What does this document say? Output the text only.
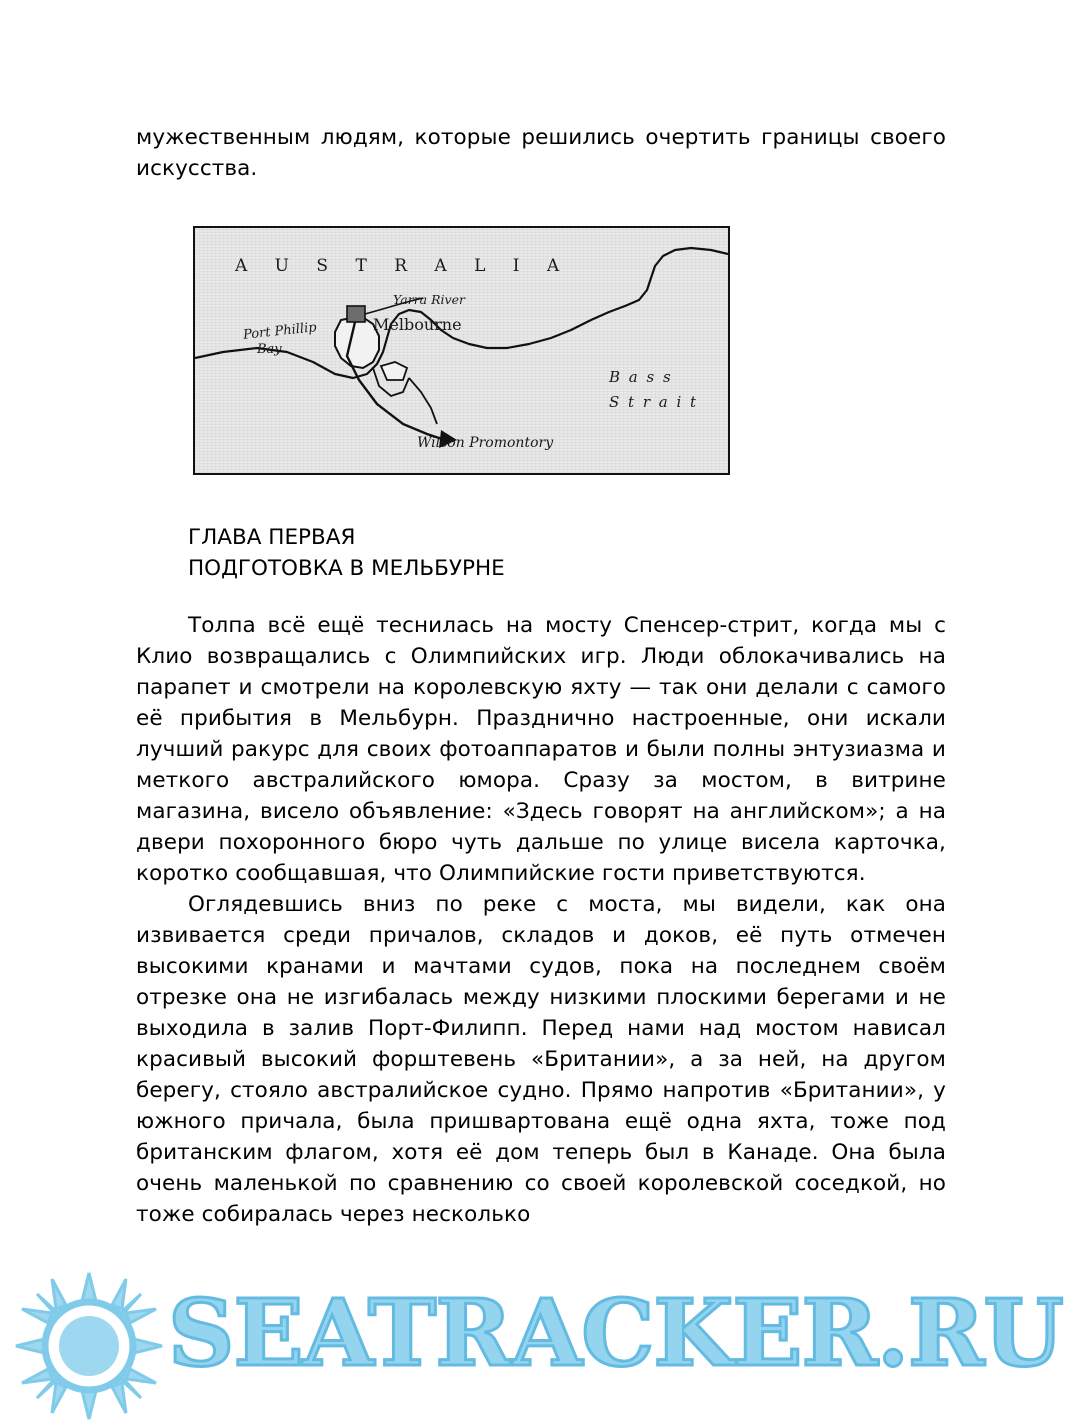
мужественным людям, которые решились очертить границы своего искусства.

A U S T R A L I A
Yarra River
Melbourne
Port Phillip
Bay
B a s s
S t r a i t
Wilson Promontory
ГЛАВА ПЕРВАЯ
ПОДГОТОВКА В МЕЛЬБУРНЕ

Толпа всё ещё теснилась на мосту Спенсер-стрит, когда мы с Клио возвращались с Олимпийских игр. Люди облокачивались на парапет и смотрели на королевскую яхту — так они делали с самого её прибытия в Мельбурн. Празднично настроенные, они искали лучший ракурс для своих фотоаппаратов и были полны энтузиазма и меткого австралийского юмора. Сразу за мостом, в витрине магазина, висело объявление: «Здесь говорят на английском»; а на двери похоронного бюро чуть дальше по улице висела карточка, коротко сообщавшая, что Олимпийские гости приветствуются.

Оглядевшись вниз по реке с моста, мы видели, как она извивается среди причалов, складов и доков, её путь отмечен высокими кранами и мачтами судов, пока на последнем своём отрезке она не изгибалась между низкими плоскими берегами и не выходила в залив Порт-Филипп. Перед нами над мостом нависал красивый высокий форштевень «Британии», а за ней, на другом берегу, стояло австралийское судно. Прямо напротив «Британии», у южного причала, была пришвартована ещё одна яхта, тоже под британским флагом, хотя её дом теперь был в Канаде. Она была очень маленькой по сравнению со своей королевской соседкой, но тоже собиралась через несколько

SEATRACKER.RU
